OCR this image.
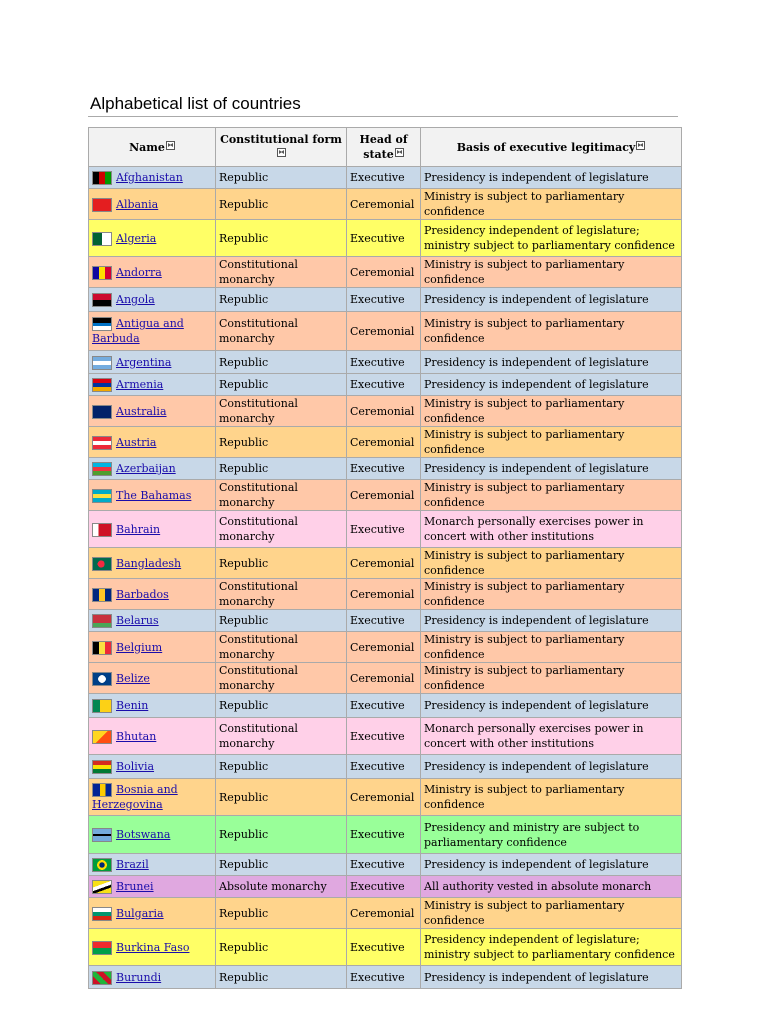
Alphabetical list of countries
Name	Constitutional form	Head of state	Basis of executive legitimacy
Afghanistan	Republic	Executive	Presidency is independent of legislature
Albania	Republic	Ceremonial	Ministry is subject to parliamentary confidence
Algeria	Republic	Executive	Presidency independent of legislature; ministry subject to parliamentary confidence
Andorra	Constitutional monarchy	Ceremonial	Ministry is subject to parliamentary confidence
Angola	Republic	Executive	Presidency is independent of legislature
Antigua and Barbuda	Constitutional monarchy	Ceremonial	Ministry is subject to parliamentary confidence
Argentina	Republic	Executive	Presidency is independent of legislature
Armenia	Republic	Executive	Presidency is independent of legislature
Australia	Constitutional monarchy	Ceremonial	Ministry is subject to parliamentary confidence
Austria	Republic	Ceremonial	Ministry is subject to parliamentary confidence
Azerbaijan	Republic	Executive	Presidency is independent of legislature
The Bahamas	Constitutional monarchy	Ceremonial	Ministry is subject to parliamentary confidence
Bahrain	Constitutional monarchy	Executive	Monarch personally exercises power in concert with other institutions
Bangladesh	Republic	Ceremonial	Ministry is subject to parliamentary confidence
Barbados	Constitutional monarchy	Ceremonial	Ministry is subject to parliamentary confidence
Belarus	Republic	Executive	Presidency is independent of legislature
Belgium	Constitutional monarchy	Ceremonial	Ministry is subject to parliamentary confidence
Belize	Constitutional monarchy	Ceremonial	Ministry is subject to parliamentary confidence
Benin	Republic	Executive	Presidency is independent of legislature
Bhutan	Constitutional monarchy	Executive	Monarch personally exercises power in concert with other institutions
Bolivia	Republic	Executive	Presidency is independent of legislature
Bosnia and Herzegovina	Republic	Ceremonial	Ministry is subject to parliamentary confidence
Botswana	Republic	Executive	Presidency and ministry are subject to parliamentary confidence
Brazil	Republic	Executive	Presidency is independent of legislature
Brunei	Absolute monarchy	Executive	All authority vested in absolute monarch
Bulgaria	Republic	Ceremonial	Ministry is subject to parliamentary confidence
Burkina Faso	Republic	Executive	Presidency independent of legislature; ministry subject to parliamentary confidence
Burundi	Republic	Executive	Presidency is independent of legislature
